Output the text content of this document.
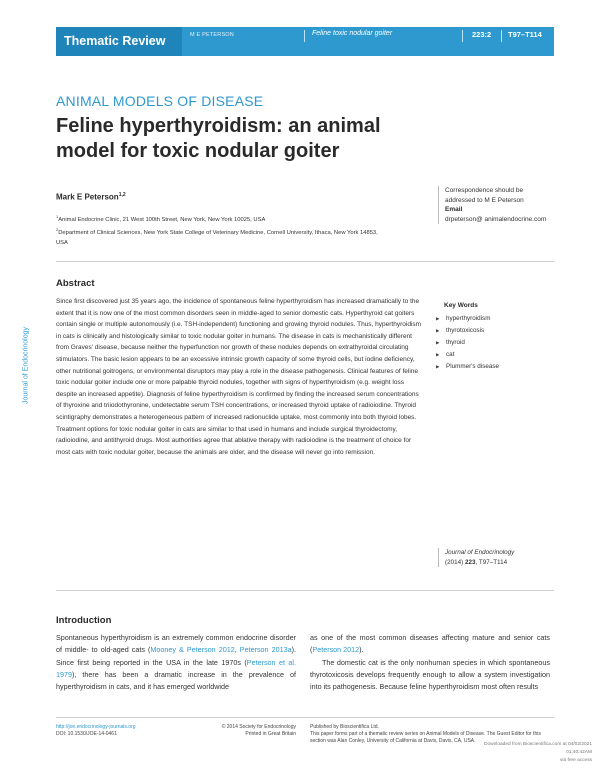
Thematic Review	M E PETERSON	Feline toxic nodular goiter	223:2 T97–T114
Journal of Endocrinology
ANIMAL MODELS OF DISEASE
Feline hyperthyroidism: an animal model for toxic nodular goiter
Mark E Peterson$^{1,2}$
$^1$Animal Endocrine Clinic, 21 West 100th Street, New York, New York 10025, USA
$^2$Department of Clinical Sciences, New York State College of Veterinary Medicine, Cornell University, Ithaca, New York 14853, USA
Correspondence should be addressed to M E Peterson
Email
drpeterson@ animalendocrine.com
Abstract
Since first discovered just 35 years ago, the incidence of spontaneous feline hyperthyroidism has increased dramatically to the extent that it is now one of the most common disorders seen in middle-aged to senior domestic cats. Hyperthyroid cat goiters contain single or multiple autonomously (i.e. TSH-independent) functioning and growing thyroid nodules. Thus, hyperthyroidism in cats is clinically and histologically similar to toxic nodular goiter in humans. The disease in cats is mechanistically different from Graves' disease, because neither the hyperfunction nor growth of these nodules depends on extrathyroidal circulating stimulators. The basic lesion appears to be an excessive intrinsic growth capacity of some thyroid cells, but iodine deficiency, other nutritional goitrogens, or environmental disruptors may play a role in the disease pathogenesis. Clinical features of feline toxic nodular goiter include one or more palpable thyroid nodules, together with signs of hyperthyroidism (e.g. weight loss despite an increased appetite). Diagnosis of feline hyperthyroidism is confirmed by finding the increased serum concentrations of thyroxine and triiodothyronine, undetectable serum TSH concentrations, or increased thyroid uptake of radioiodine. Thyroid scintigraphy demonstrates a heterogeneous pattern of increased radionuclide uptake, most commonly into both thyroid lobes. Treatment options for toxic nodular goiter in cats are similar to that used in humans and include surgical thyroidectomy, radioiodine, and antithyroid drugs. Most authorities agree that ablative therapy with radioiodine is the treatment of choice for most cats with toxic nodular goiter, because the animals are older, and the disease will never go into remission.
Key Words
▶ hyperthyroidism
▶ thyrotoxicosis
▶ thyroid
▶ cat
▶ Plummer's disease
Journal of Endocrinology
(2014) 223, T97–T114
Introduction

Spontaneous hyperthyroidism is an extremely common endocrine disorder of middle- to old-aged cats (Mooney & Peterson 2012, Peterson 2013a). Since first being reported in the USA in the late 1970s (Peterson et al. 1979), there has been a dramatic increase in the prevalence of hyperthyroidism in cats, and it has emerged worldwide

as one of the most common diseases affecting mature and senior cats (Peterson 2012).

The domestic cat is the only nonhuman species in which spontaneous thyrotoxicosis develops frequently enough to allow a system investigation into its pathogenesis. Because feline hyperthyroidism most often results

http://joe.endocrinology-journals.org
DOI: 10.1530/JOE-14-0461
© 2014 Society for Endocrinology
Printed in Great Britain
Published by Bioscientifica Ltd.
This paper forms part of a thematic review series on Animal Models of Disease. The Guest Editor for this section was Alan Conley, University of California at Davis, Davis, CA, USA.
Downloaded from Bioscientifica.com at 04/02/2021 01:40:42AM
via free access
